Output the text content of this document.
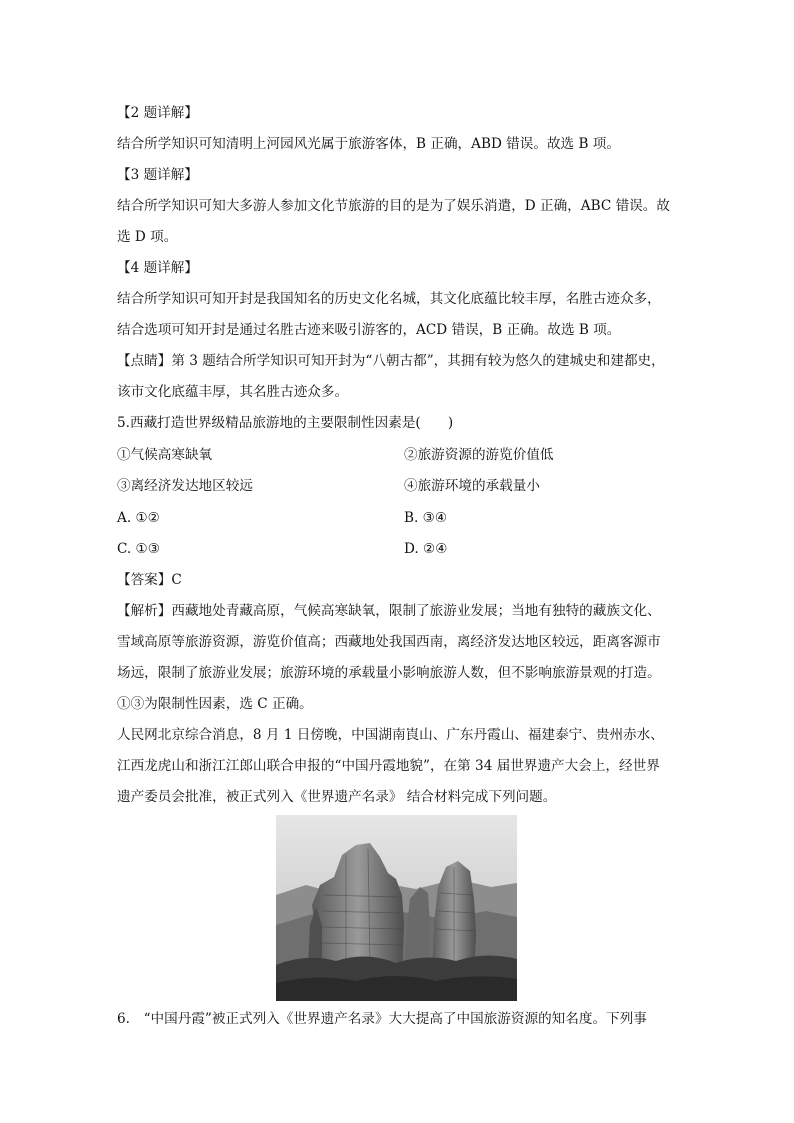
【2 题详解】
结合所学知识可知清明上河园风光属于旅游客体，B 正确，ABD 错误。故选 B 项。
【3 题详解】
结合所学知识可知大多游人参加文化节旅游的目的是为了娱乐消遣，D 正确，ABC 错误。故
选 D 项。
【4 题详解】
结合所学知识可知开封是我国知名的历史文化名城，其文化底蕴比较丰厚，名胜古迹众多，
结合选项可知开封是通过名胜古迹来吸引游客的，ACD 错误，B 正确。故选 B 项。
【点睛】第 3 题结合所学知识可知开封为“八朝古都”，其拥有较为悠久的建城史和建都史，
该市文化底蕴丰厚，其名胜古迹众多。
5.西藏打造世界级精品旅游地的主要限制性因素是(　　)
①气候高寒缺氧	②旅游资源的游览价值低
③离经济发达地区较远	④旅游环境的承载量小
A. ①②	B. ③④
C. ①③	D. ②④
【答案】C
【解析】西藏地处青藏高原，气候高寒缺氧，限制了旅游业发展；当地有独特的藏族文化、
雪域高原等旅游资源，游览价值高；西藏地处我国西南，离经济发达地区较远，距离客源市
场远，限制了旅游业发展；旅游环境的承载量小影响旅游人数，但不影响旅游景观的打造。
①③为限制性因素，选 C 正确。
人民网北京综合消息，8 月 1 日傍晚，中国湖南崀山、广东丹霞山、福建泰宁、贵州赤水、
江西龙虎山和浙江江郎山联合申报的“中国丹霞地貌”，在第 34 届世界遗产大会上，经世界
遗产委员会批准，被正式列入《世界遗产名录》 结合材料完成下列问题。
6.　“中国丹霞”被正式列入《世界遗产名录》大大提高了中国旅游资源的知名度。下列事
